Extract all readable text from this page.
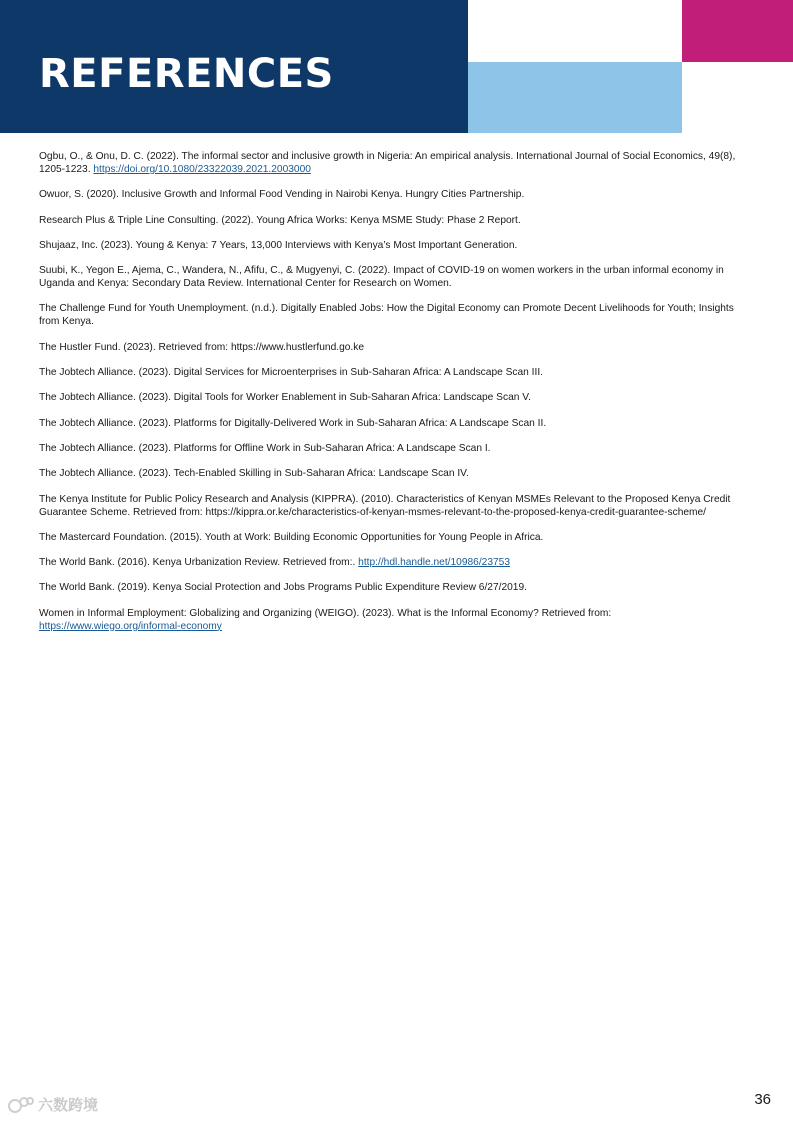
REFERENCES

Ogbu, O., & Onu, D. C. (2022). The informal sector and inclusive growth in Nigeria: An empirical analysis. International Journal of Social Economics, 49(8), 1205-1223. https://doi.org/10.1080/23322039.2021.2003000

Owuor, S. (2020). Inclusive Growth and Informal Food Vending in Nairobi Kenya. Hungry Cities Partnership.

Research Plus & Triple Line Consulting. (2022). Young Africa Works: Kenya MSME Study: Phase 2 Report.

Shujaaz, Inc. (2023). Young & Kenya: 7 Years, 13,000 Interviews with Kenya’s Most Important Generation.

Suubi, K., Yegon E., Ajema, C., Wandera, N., Afifu, C., & Mugyenyi, C. (2022). Impact of COVID-19 on women workers in the urban informal economy in Uganda and Kenya: Secondary Data Review. International Center for Research on Women.

The Challenge Fund for Youth Unemployment. (n.d.). Digitally Enabled Jobs: How the Digital Economy can Promote Decent Livelihoods for Youth; Insights from Kenya.

The Hustler Fund. (2023). Retrieved from: https://www.hustlerfund.go.ke

The Jobtech Alliance. (2023). Digital Services for Microenterprises in Sub-Saharan Africa: A Landscape Scan III.

The Jobtech Alliance. (2023). Digital Tools for Worker Enablement in Sub-Saharan Africa: Landscape Scan V.

The Jobtech Alliance. (2023). Platforms for Digitally-Delivered Work in Sub-Saharan Africa: A Landscape Scan II.

The Jobtech Alliance. (2023). Platforms for Offline Work in Sub-Saharan Africa: A Landscape Scan I.

The Jobtech Alliance. (2023). Tech-Enabled Skilling in Sub-Saharan Africa: Landscape Scan IV.

The Kenya Institute for Public Policy Research and Analysis (KIPPRA). (2010). Characteristics of Kenyan MSMEs Relevant to the Proposed Kenya Credit Guarantee Scheme. Retrieved from: https://kippra.or.ke/characteristics-of-kenyan-msmes-relevant-to-the-proposed-kenya-credit-guarantee-scheme/

The Mastercard Foundation. (2015). Youth at Work: Building Economic Opportunities for Young People in Africa.

The World Bank. (2016). Kenya Urbanization Review. Retrieved from:. http://hdl.handle.net/10986/23753

The World Bank. (2019). Kenya Social Protection and Jobs Programs Public Expenditure Review 6/27/2019.

Women in Informal Employment: Globalizing and Organizing (WEIGO). (2023). What is the Informal Economy? Retrieved from: https://www.wiego.org/informal-economy

六数跨境	36
